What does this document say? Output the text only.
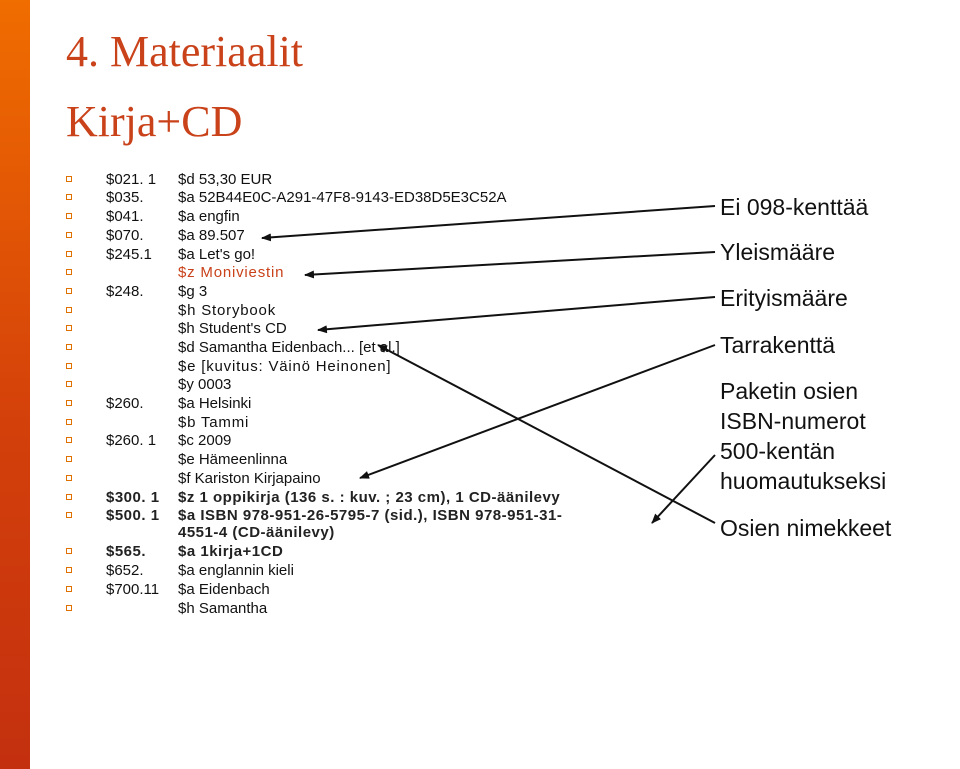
4. Materiaalit
Kirja+CD
$021. 1 $d 53,30 EUR
$035. $a 52B44E0C-A291-47F8-9143-ED38D5E3C52A
$041. $a engfin
$070. $a 89.507
$245.1 $a Let's go!
$z Moniviestin
$248. $g 3
$h Storybook
$h Student's CD
$d Samantha Eidenbach... [et al.]
$e [kuvitus: Väinö Heinonen]
$y 0003
$260. $a Helsinki
$b Tammi
$260. 1 $c 2009
$e Hämeenlinna
$f Kariston Kirjapaino
$300. 1 $z 1 oppikirja (136 s. : kuv. ; 23 cm), 1 CD-äänilevy
$500. 1 $a ISBN 978-951-26-5795-7 (sid.), ISBN 978-951-31-
4551-4 (CD-äänilevy)
$565. $a 1kirja+1CD
$652. $a englannin kieli
$700.11 $a Eidenbach
$h Samantha
Ei 098-kenttää
Yleismääre
Erityismääre
Tarrakenttä
Paketin osien
ISBN-numerot
500-kentän
huomautukseksi
Osien nimekkeet
